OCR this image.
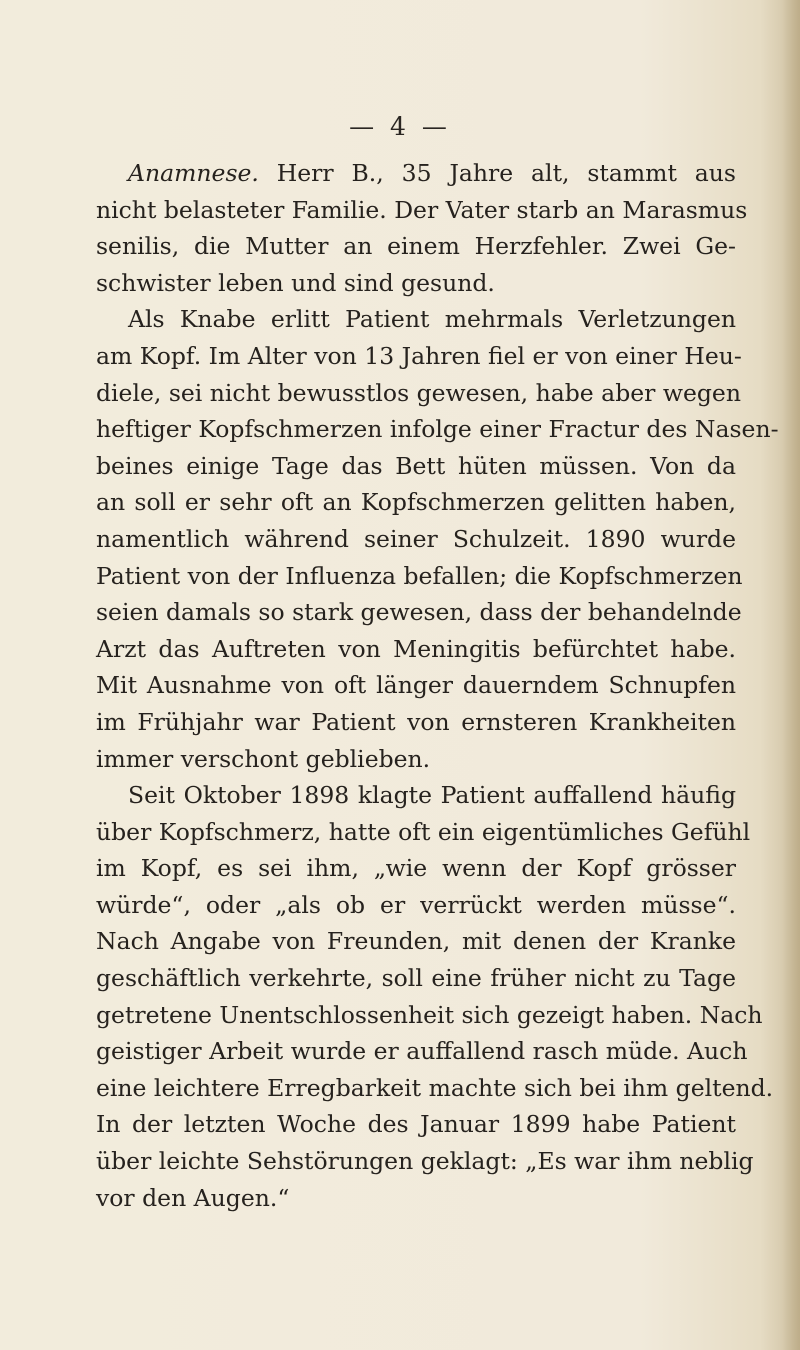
— 4 —
Anamnese. Herr B., 35 Jahre alt, stammt aus
nicht belasteter Familie. Der Vater starb an Marasmus
senilis, die Mutter an einem Herzfehler. Zwei Ge-
schwister leben und sind gesund.
Als Knabe erlitt Patient mehrmals Verletzungen
am Kopf. Im Alter von 13 Jahren fiel er von einer Heu-
diele, sei nicht bewusstlos gewesen, habe aber wegen
heftiger Kopfschmerzen infolge einer Fractur des Nasen-
beines einige Tage das Bett hüten müssen. Von da
an soll er sehr oft an Kopfschmerzen gelitten haben,
namentlich während seiner Schulzeit. 1890 wurde
Patient von der Influenza befallen; die Kopfschmerzen
seien damals so stark gewesen, dass der behandelnde
Arzt das Auftreten von Meningitis befürchtet habe.
Mit Ausnahme von oft länger dauerndem Schnupfen
im Frühjahr war Patient von ernsteren Krankheiten
immer verschont geblieben.
Seit Oktober 1898 klagte Patient auffallend häufig
über Kopfschmerz, hatte oft ein eigentümliches Gefühl
im Kopf, es sei ihm, „wie wenn der Kopf grösser
würde“, oder „als ob er verrückt werden müsse“.
Nach Angabe von Freunden, mit denen der Kranke
geschäftlich verkehrte, soll eine früher nicht zu Tage
getretene Unentschlossenheit sich gezeigt haben. Nach
geistiger Arbeit wurde er auffallend rasch müde. Auch
eine leichtere Erregbarkeit machte sich bei ihm geltend.
In der letzten Woche des Januar 1899 habe Patient
über leichte Sehstörungen geklagt: „Es war ihm neblig
vor den Augen.“
